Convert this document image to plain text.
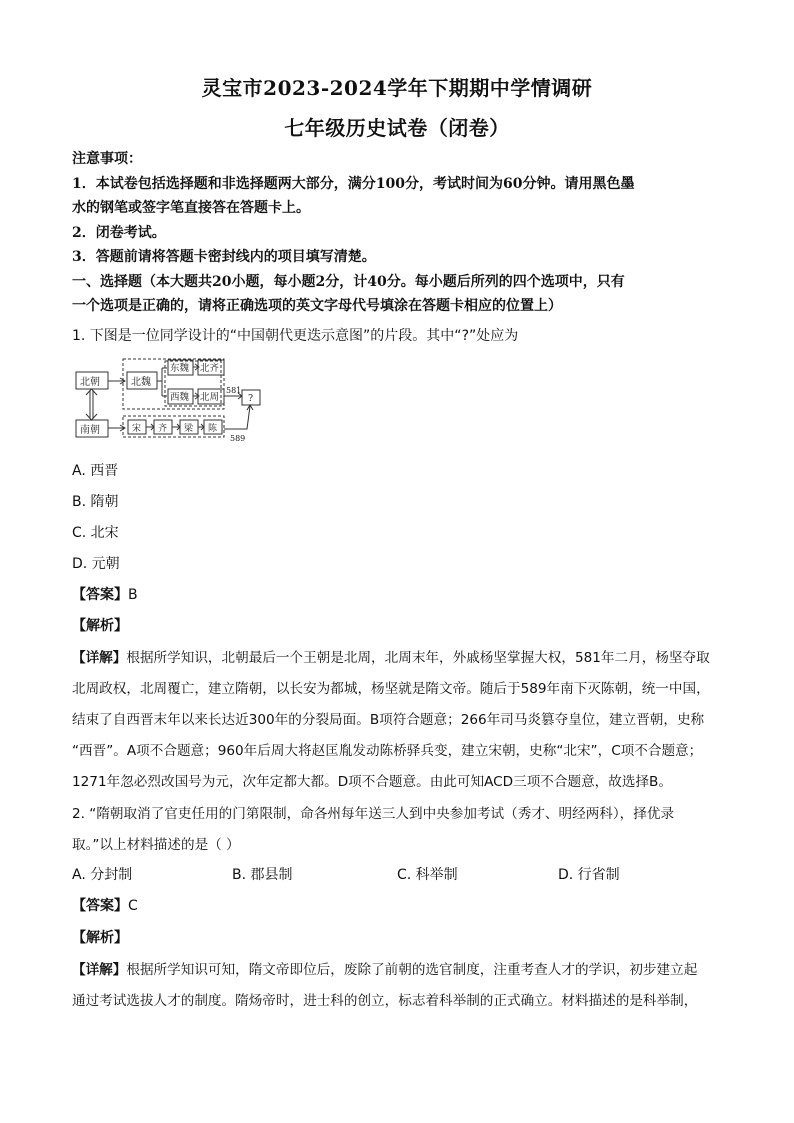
灵宝市2023-2024学年下期期中学情调研
七年级历史试卷（闭卷）
注意事项：
1．本试卷包括选择题和非选择题两大部分，满分100分，考试时间为60分钟。请用黑色墨
水的钢笔或签字笔直接答在答题卡上。
2．闭卷考试。
3．答题前请将答题卡密封线内的项目填写清楚。
一、选择题（本大题共20小题，每小题2分，计40分。每小题后所列的四个选项中，只有
一个选项是正确的，请将正确选项的英文字母代号填涂在答题卡相应的位置上）
1. 下图是一位同学设计的“中国朝代更迭示意图”的片段。其中“?”处应为
北朝
南朝
北魏
东魏
西魏
北齐
北周	?
581
589
宋 齐 梁 陈
A. 西晋
B. 隋朝
C. 北宋
D. 元朝
【答案】B
【解析】
【详解】根据所学知识，北朝最后一个王朝是北周，北周末年，外戚杨坚掌握大权，581年二月，杨坚夺取
北周政权，北周覆亡，建立隋朝，以长安为都城，杨坚就是隋文帝。随后于589年南下灭陈朝，统一中国，
结束了自西晋末年以来长达近300年的分裂局面。B项符合题意；266年司马炎篡夺皇位，建立晋朝，史称
“西晋”。A项不合题意；960年后周大将赵匡胤发动陈桥驿兵变，建立宋朝，史称“北宋”，C项不合题意；
1271年忽必烈改国号为元，次年定都大都。D项不合题意。由此可知ACD三项不合题意，故选择B。
2. “隋朝取消了官吏任用的门第限制，命各州每年送三人到中央参加考试（秀才、明经两科），择优录
取。”以上材料描述的是（ ）
A. 分封制	B. 郡县制	C. 科举制	D. 行省制
【答案】C
【解析】
【详解】根据所学知识可知，隋文帝即位后，废除了前朝的选官制度，注重考查人才的学识，初步建立起
通过考试选拔人才的制度。隋炀帝时，进士科的创立，标志着科举制的正式确立。材料描述的是科举制，
